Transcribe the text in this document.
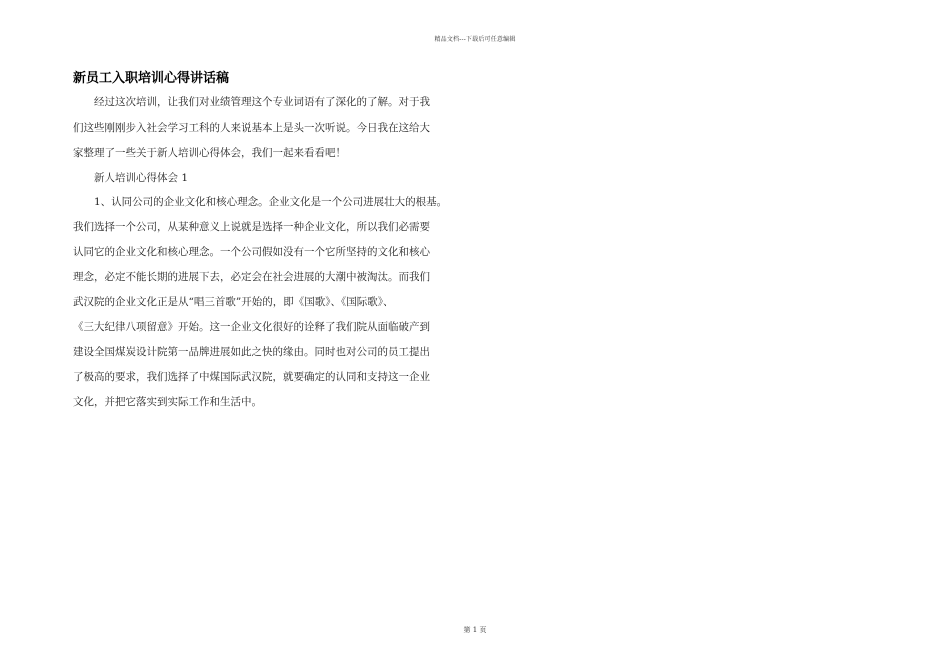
精品文档---下载后可任意编辑
新员工入职培训心得讲话稿
经过这次培训，让我们对业绩管理这个专业词语有了深化的了解。对于我
们这些刚刚步入社会学习工科的人来说基本上是头一次听说。今日我在这给大
家整理了一些关于新人培训心得体会，我们一起来看看吧！
新人培训心得体会 1
1、认同公司的企业文化和核心理念。企业文化是一个公司进展壮大的根基。
我们选择一个公司，从某种意义上说就是选择一种企业文化，所以我们必需要
认同它的企业文化和核心理念。一个公司假如没有一个它所坚持的文化和核心
理念，必定不能长期的进展下去，必定会在社会进展的大潮中被淘汰。而我们
武汉院的企业文化正是从“唱三首歌”开始的，即《国歌》、《国际歌》、
《三大纪律八项留意》开始。这一企业文化很好的诠释了我们院从面临破产到
建设全国煤炭设计院第一品牌进展如此之快的缘由。同时也对公司的员工提出
了极高的要求，我们选择了中煤国际武汉院，就要确定的认同和支持这一企业
文化，并把它落实到实际工作和生活中。
第 1 页
